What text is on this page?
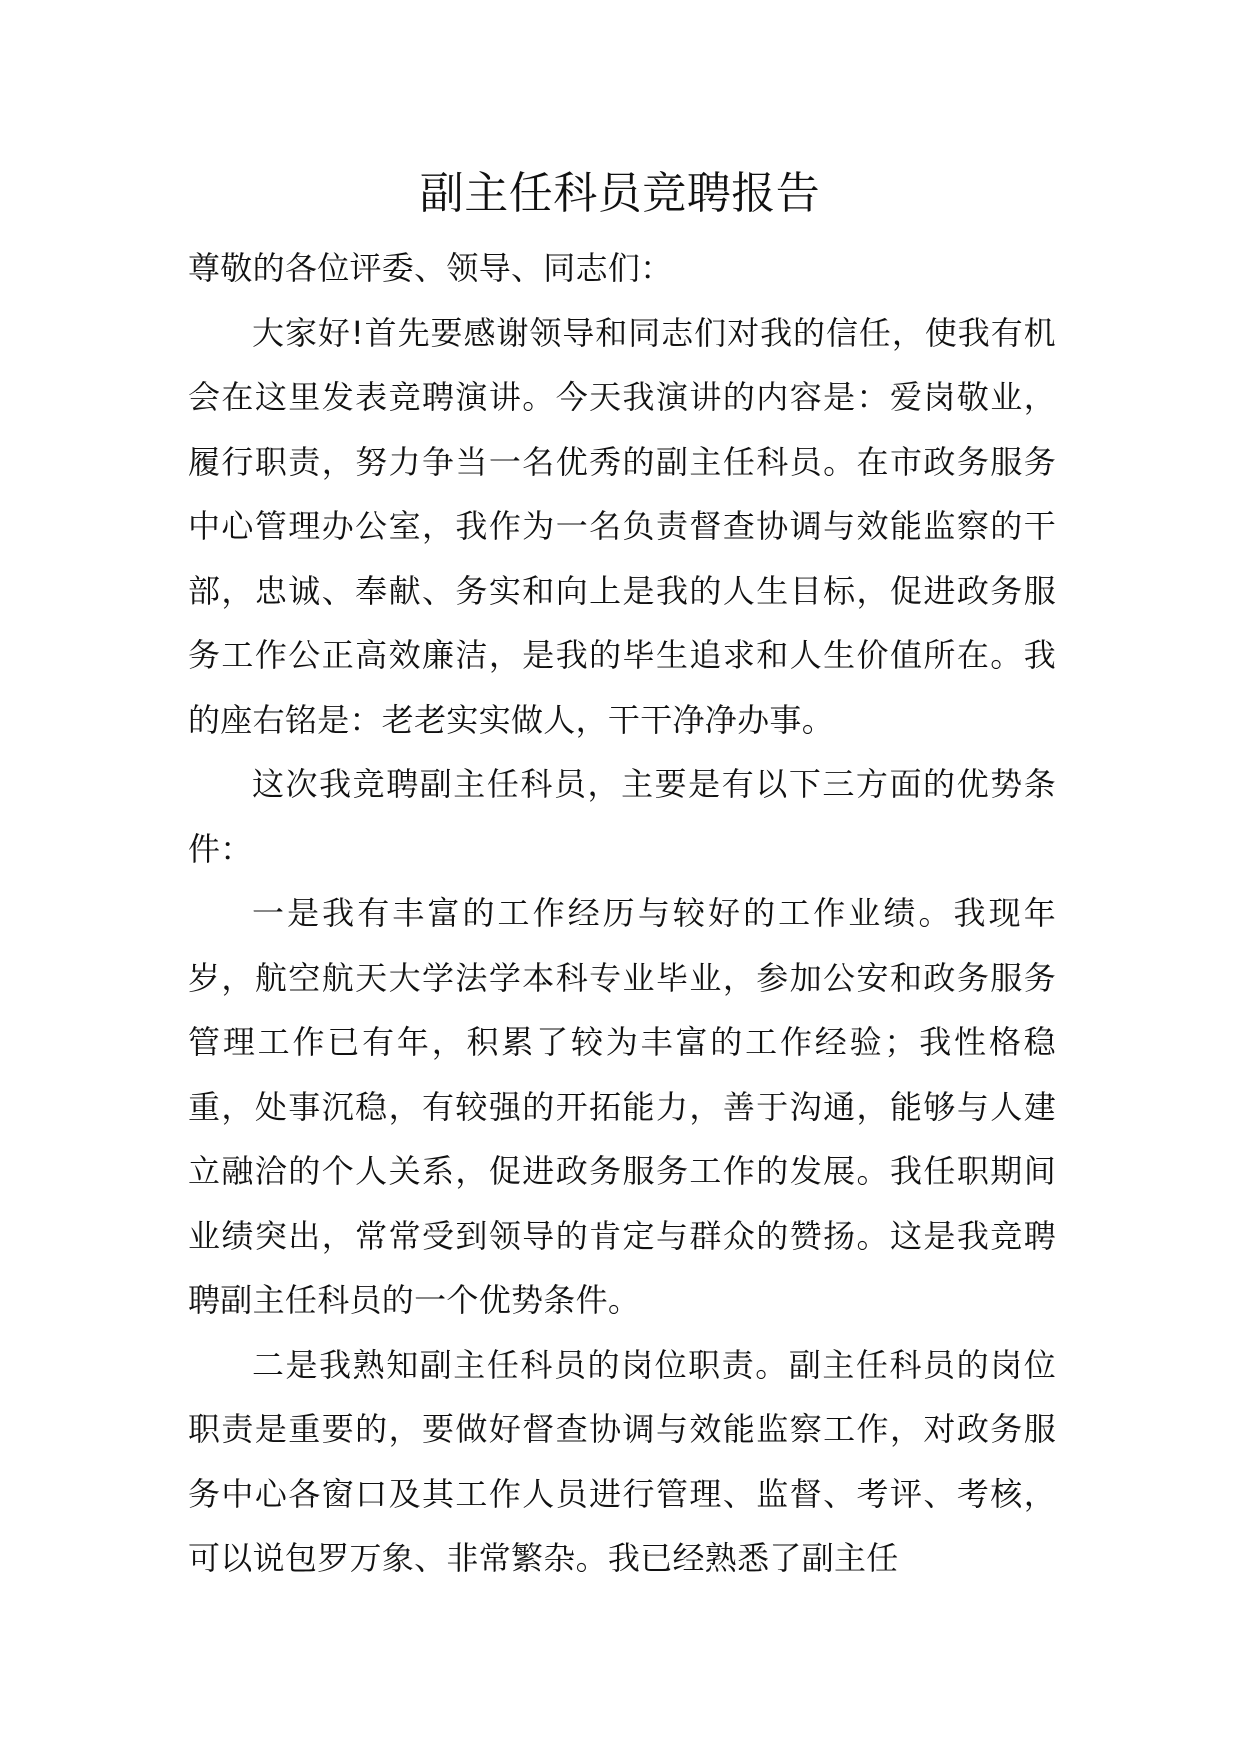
副主任科员竞聘报告

尊敬的各位评委、领导、同志们：

大家好!首先要感谢领导和同志们对我的信任，使我有机会在这里发表竞聘演讲。今天我演讲的内容是：爱岗敬业，履行职责，努力争当一名优秀的副主任科员。在市政务服务中心管理办公室，我作为一名负责督查协调与效能监察的干部，忠诚、奉献、务实和向上是我的人生目标，促进政务服务工作公正高效廉洁，是我的毕生追求和人生价值所在。我的座右铭是：老老实实做人，干干净净办事。

这次我竞聘副主任科员，主要是有以下三方面的优势条件：

一是我有丰富的工作经历与较好的工作业绩。我现年岁，航空航天大学法学本科专业毕业，参加公安和政务服务管理工作已有年，积累了较为丰富的工作经验；我性格稳重，处事沉稳，有较强的开拓能力，善于沟通，能够与人建立融洽的个人关系，促进政务服务工作的发展。我任职期间业绩突出，常常受到领导的肯定与群众的赞扬。这是我竞聘聘副主任科员的一个优势条件。

二是我熟知副主任科员的岗位职责。副主任科员的岗位职责是重要的，要做好督查协调与效能监察工作，对政务服务中心各窗口及其工作人员进行管理、监督、考评、考核，可以说包罗万象、非常繁杂。我已经熟悉了副主任
